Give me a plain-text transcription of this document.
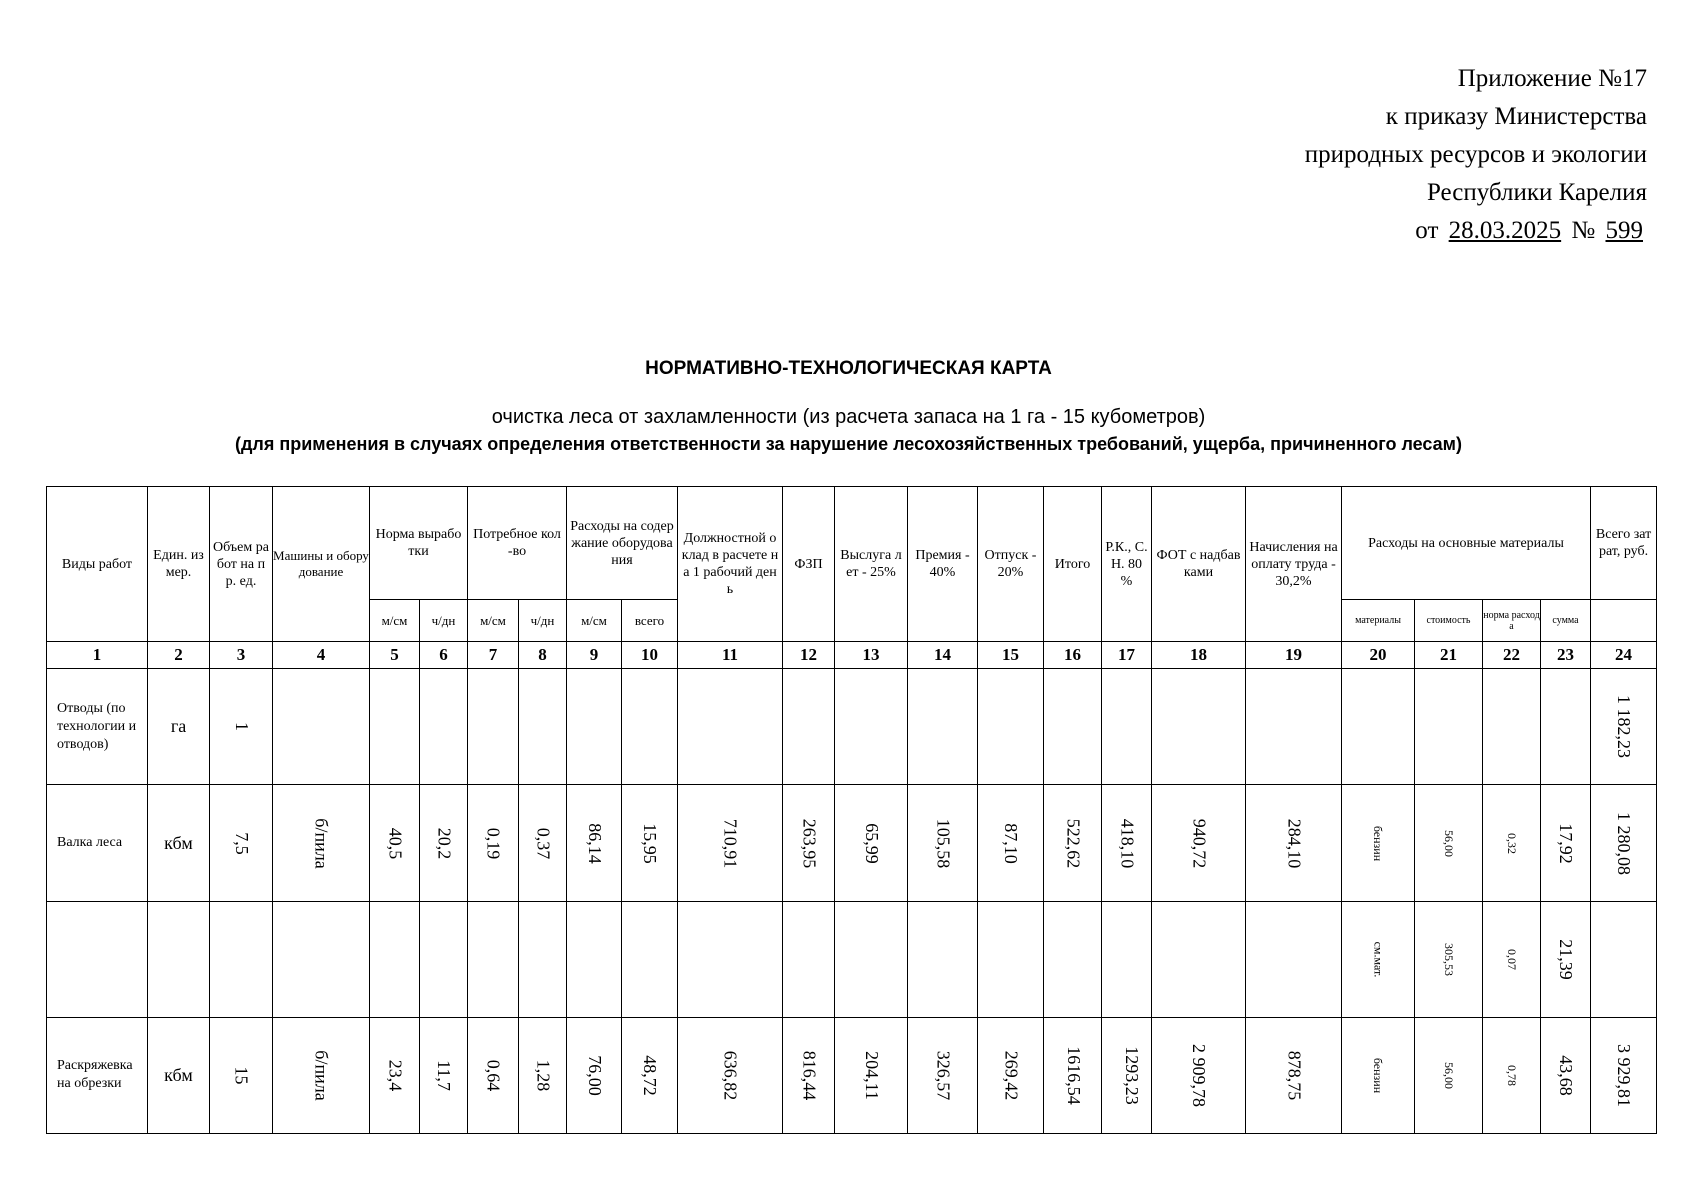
Приложение №17
к приказу Министерства
природных ресурсов и экологии
Республики Карелия
от 28.03.2025 № 599
НОРМАТИВНО-ТЕХНОЛОГИЧЕСКАЯ КАРТА
очистка леса от захламленности (из расчета запаса на 1 га - 15 кубометров)
(для применения в случаях определения ответственности за нарушение лесохозяйственных требований, ущерба, причиненного лесам)
Виды работ	Един. измер.	Объем работ на пр. ед.	Машины и оборудование	Норма выработки		Потребное кол-во		Расходы на содержание оборудования		Должностной оклад в расчете на 1 рабочий день	ФЗП	Выслуга лет - 25%	Премия - 40%	Отпуск - 20%	Итого	Р.К., С.Н. 80 %	ФОТ с надбавками	Начисления на оплату труда - 30,2%	Расходы на основные материалы				Всего затрат, руб.
				м/см	ч/дн	м/см	ч/дн	м/см	всего										материалы	стоимость	норма расхода	сумма	
1	2	3	4	5	6	7	8	9	10	11	12	13	14	15	16	17	18	19	20	21	22	23	24
Отводы (по технологии и отводов)	га	1																					1 182,23
Валка леса	кбм	7,5	б/пила	40,5	20,2	0,19	0,37	86,14	15,95	710,91	263,95	65,99	105,58	87,10	522,62	418,10	940,72	284,10	бензин	56,00	0,32	17,92	1 280,08
																			см.мат.	305,53	0,07	21,39	
Раскряжевка на обрезки	кбм	15	б/пила	23,4	11,7	0,64	1,28	76,00	48,72	636,82	816,44	204,11	326,57	269,42	1616,54	1293,23	2 909,78	878,75	бензин	56,00	0,78	43,68	3 929,81
